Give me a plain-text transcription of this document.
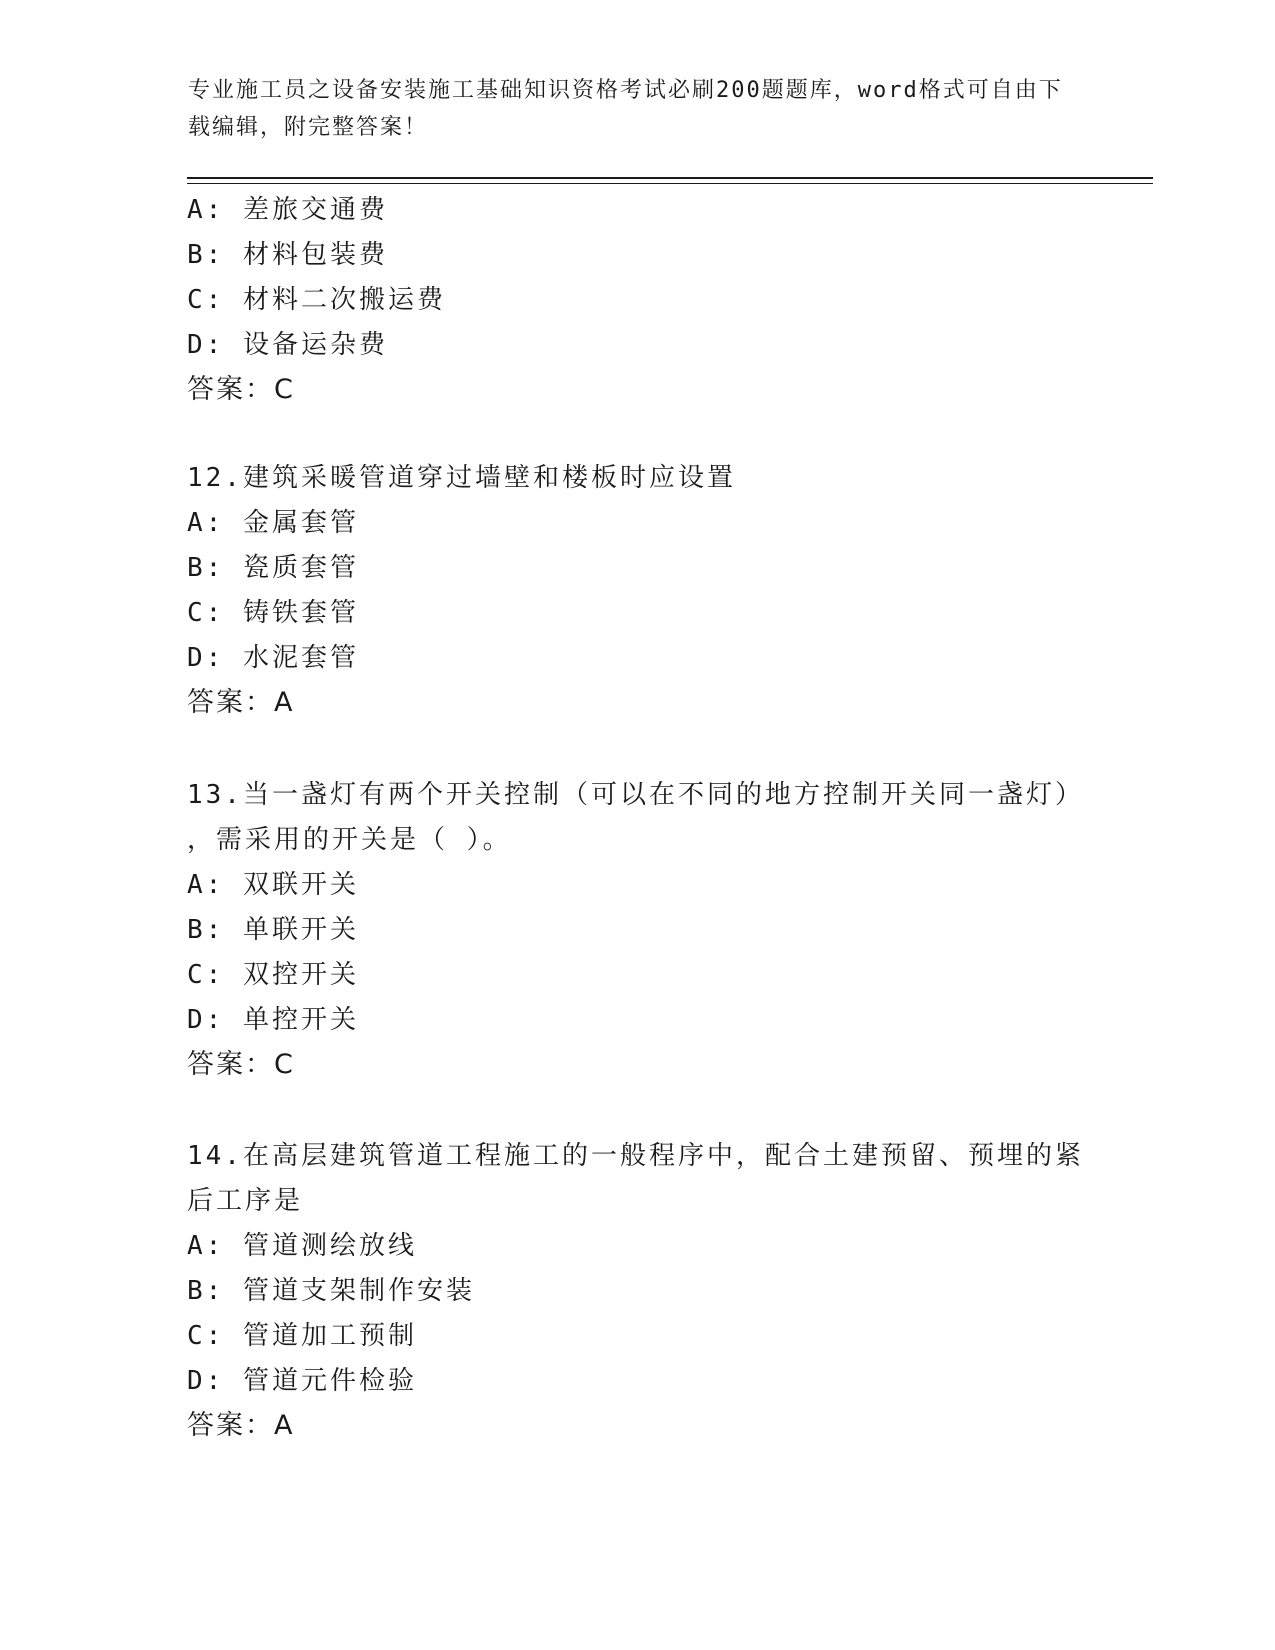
专业施工员之设备安装施工基础知识资格考试必刷200题题库，word格式可自由下载编辑，附完整答案！
A: 差旅交通费
B: 材料包装费
C: 材料二次搬运费
D: 设备运杂费
答案：C
12.建筑采暖管道穿过墙壁和楼板时应设置
A: 金属套管
B: 瓷质套管
C: 铸铁套管
D: 水泥套管
答案：A
13.当一盏灯有两个开关控制（可以在不同的地方控制开关同一盏灯）
，需采用的开关是（ ）。
A: 双联开关
B: 单联开关
C: 双控开关
D: 单控开关
答案：C
14.在高层建筑管道工程施工的一般程序中，配合土建预留、预埋的紧
后工序是
A: 管道测绘放线
B: 管道支架制作安装
C: 管道加工预制
D: 管道元件检验
答案：A
